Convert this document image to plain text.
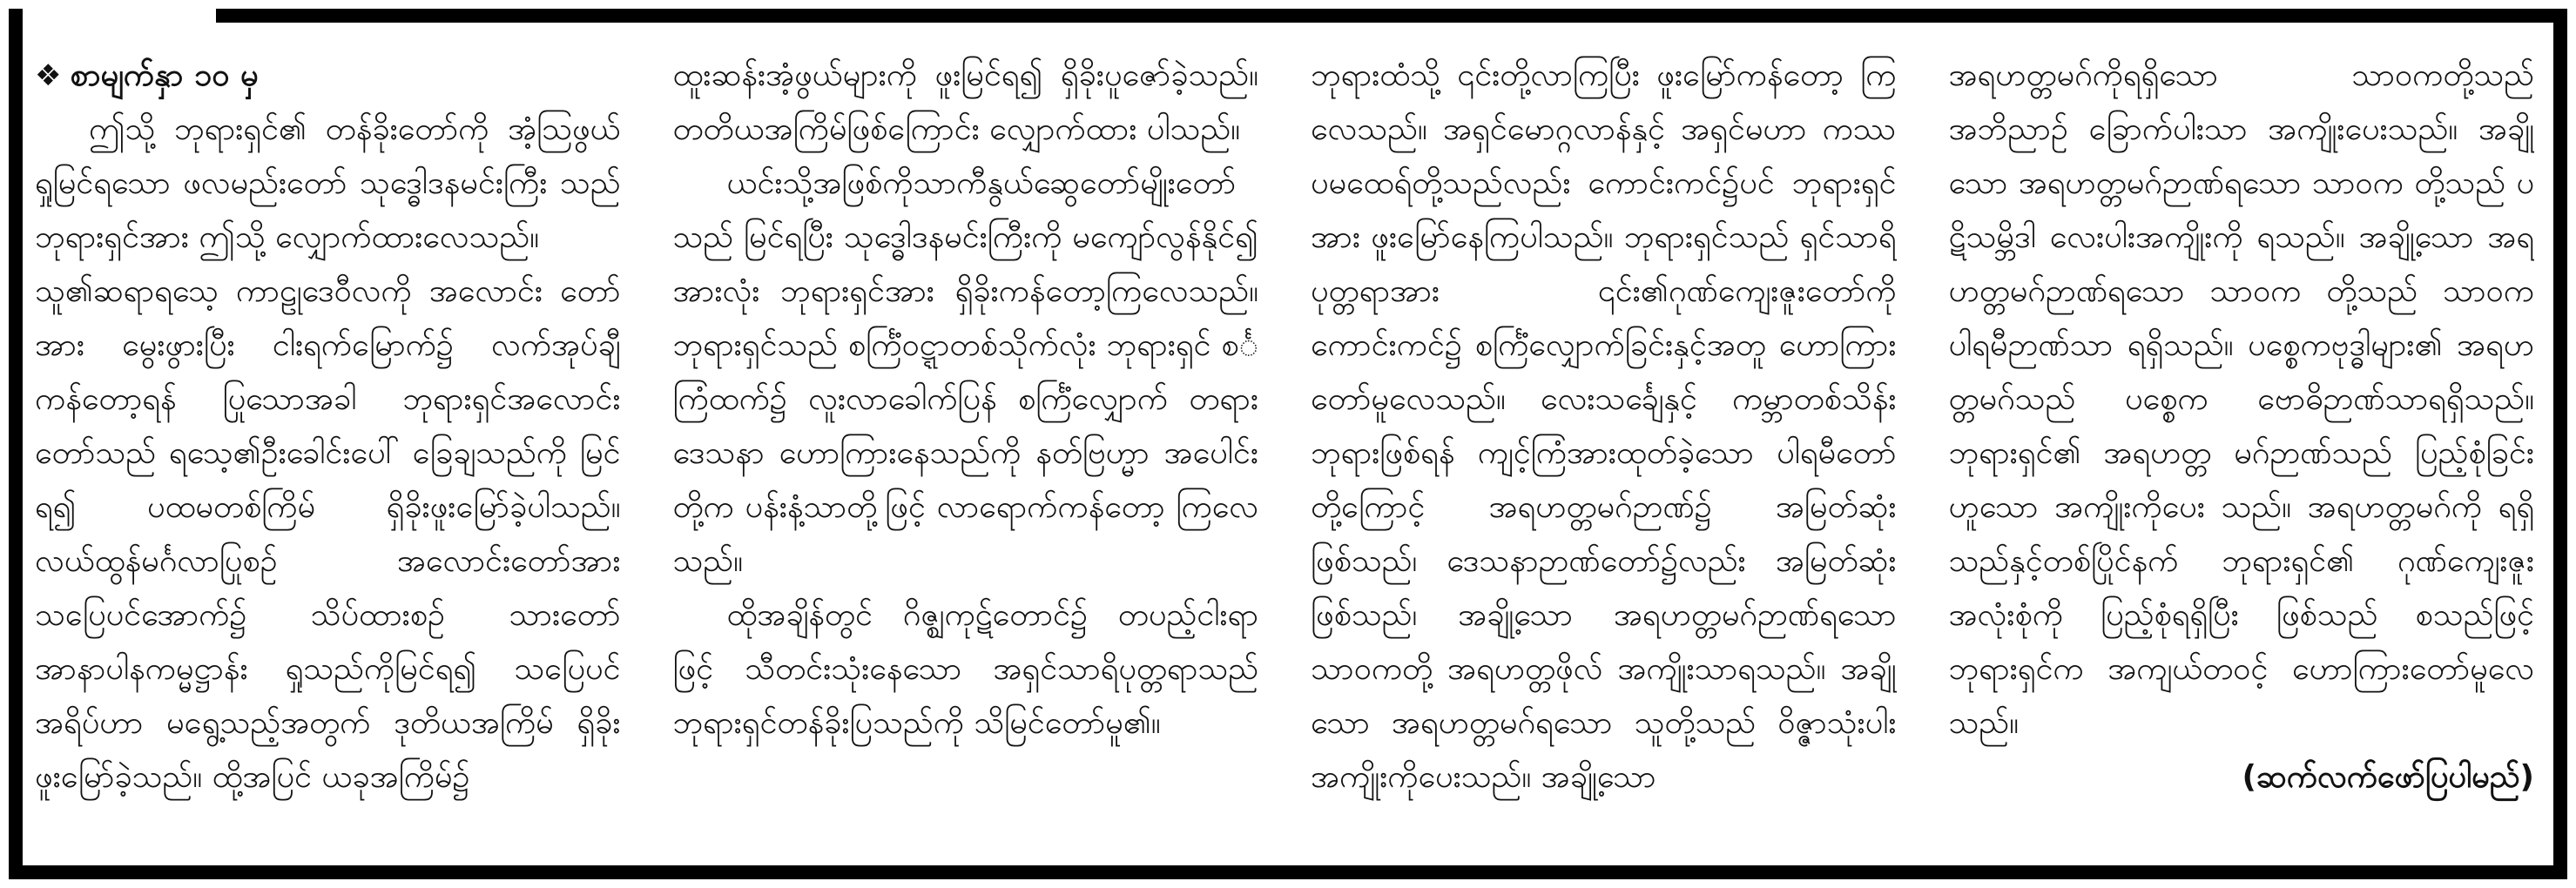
❖ စာမျက်နှာ ၁၀ မှ

ဤသို့ ဘုရားရှင်၏ တန်ခိုးတော်ကို အံ့သြဖွယ် ရှုမြင်ရသော ဖလမည်းတော် သုဒ္ဓေါဒနမင်းကြီး သည်ဘုရားရှင်အား ဤသို့ လျှောက်ထားလေသည်။

သူ၏ဆရာရသေ့ ကာဠုဒေဝီလကို အလောင်း တော်အား မွေးဖွားပြီး ငါးရက်မြောက်၌ လက်အုပ်ချီ ကန်တော့ရန် ပြုသောအခါ ဘုရားရှင်အလောင်း တော်သည် ရသေ့၏ဦးခေါင်းပေါ် ခြေချသည်ကို မြင်ရ၍ ပထမတစ်ကြိမ် ရှိခိုးဖူးမြော်ခဲ့ပါသည်။ လယ်ထွန်မင်္ဂလာပြုစဉ် အလောင်းတော်အား သပြေပင်အောက်၌ သိပ်ထားစဉ် သားတော် အာနာပါနကမ္မဋ္ဌာန်း ရှုသည်ကိုမြင်ရ၍ သပြေပင် အရိပ်ဟာ မရွေ့သည့်အတွက် ဒုတိယအကြိမ် ရှိခိုးဖူးမြော်ခဲ့သည်။ ထို့အပြင် ယခုအကြိမ်၌

ထူးဆန်းအံ့ဖွယ်များကို ဖူးမြင်ရ၍ ရှိခိုးပူဇော်ခဲ့သည်။ တတိယအကြိမ်ဖြစ်ကြောင်း လျှောက်ထား ပါသည်။

ယင်းသို့အဖြစ်ကိုသာကီနွယ်ဆွေတော်မျိုးတော် သည် မြင်ရပြီး သုဒ္ဓေါဒနမင်းကြီးကို မကျော်လွန်နိုင်၍ အားလုံး ဘုရားရှင်အား ရှိခိုးကန်တော့ကြလေသည်။ ဘုရားရှင်သည် စင်္ကြံဝဋ္ဋာတစ်သိုက်လုံး ဘုရားရှင် စင်္ကြံထက်၌ လူးလာခေါက်ပြန် စင်္ကြံလျှောက် တရားဒေသနာ ဟောကြားနေသည်ကို နတ်ဗြဟ္မာ အပေါင်းတို့က ပန်းနံ့သာတို့ဖြင့် လာရောက်ကန်တော့ ကြလေသည်။

ထိုအချိန်တွင် ဂိဇ္ဈကုဋ်တောင်၌ တပည့်ငါးရာ ဖြင့် သီတင်းသုံးနေသော အရှင်သာရိပုတ္တရာသည် ဘုရားရှင်တန်ခိုးပြသည်ကို သိမြင်တော်မူ၏။

ဘုရားထံသို့ ၎င်းတို့လာကြပြီး ဖူးမြော်ကန်တော့ ကြလေသည်။ အရှင်မောဂ္ဂလာန်နှင့် အရှင်မဟာ ကဿပမထေရ်တို့သည်လည်း ကောင်းကင်၌ပင် ဘုရားရှင်အား ဖူးမြော်နေကြပါသည်။ ဘုရားရှင်သည် ရှင်သာရိပုတ္တရာအား ၎င်း၏ဂုဏ်ကျေးဇူးတော်ကို ကောင်းကင်၌ စင်္ကြံလျှောက်ခြင်းနှင့်အတူ ဟောကြား တော်မူလေသည်။ လေးသင်္ချေနှင့် ကမ္ဘာတစ်သိန်း ဘုရားဖြစ်ရန် ကျင့်ကြံအားထုတ်ခဲ့သော ပါရမီတော် တို့ကြောင့် အရဟတ္တမဂ်ဉာဏ်၌ အမြတ်ဆုံး ဖြစ်သည်၊ ဒေသနာဉာဏ်တော်၌လည်း အမြတ်ဆုံး ဖြစ်သည်၊ အချို့သော အရဟတ္တမဂ်ဉာဏ်ရသော သာဝကတို့ အရဟတ္တဖိုလ် အကျိုးသာရသည်။ အချို့သော အရဟတ္တမဂ်ရသော သူတို့သည် ဝိဇ္ဇာသုံးပါး အကျိုးကိုပေးသည်။ အချို့သော

အရဟတ္တမဂ်ကိုရရှိသော သာဝကတို့သည် အဘိညာဉ် ခြောက်ပါးသာ အကျိုးပေးသည်။ အချို့သော အရဟတ္တမဂ်ဉာဏ်ရသော သာဝက တို့သည် ပဋိသမ္ဘိဒါ လေးပါးအကျိုးကို ရသည်။ အချို့သော အရဟတ္တမဂ်ဉာဏ်ရသော သာဝက တို့သည် သာဝကပါရမီဉာဏ်သာ ရရှိသည်။ ပစ္စေကဗုဒ္ဓါများ၏ အရဟတ္တမဂ်သည် ပစ္စေက ဗောဓိဉာဏ်သာရရှိသည်။ ဘုရားရှင်၏ အရဟတ္တ မဂ်ဉာဏ်သည် ပြည့်စုံခြင်းဟူသော အကျိုးကိုပေး သည်။ အရဟတ္တမဂ်ကို ရရှိသည်နှင့်တစ်ပြိုင်နက် ဘုရားရှင်၏ ဂုဏ်ကျေးဇူးအလုံးစုံကို ပြည့်စုံရရှိပြီး ဖြစ်သည် စသည်ဖြင့် ဘုရားရှင်က အကျယ်တဝင့် ဟောကြားတော်မူလေသည်။

(ဆက်လက်ဖော်ပြပါမည်)
